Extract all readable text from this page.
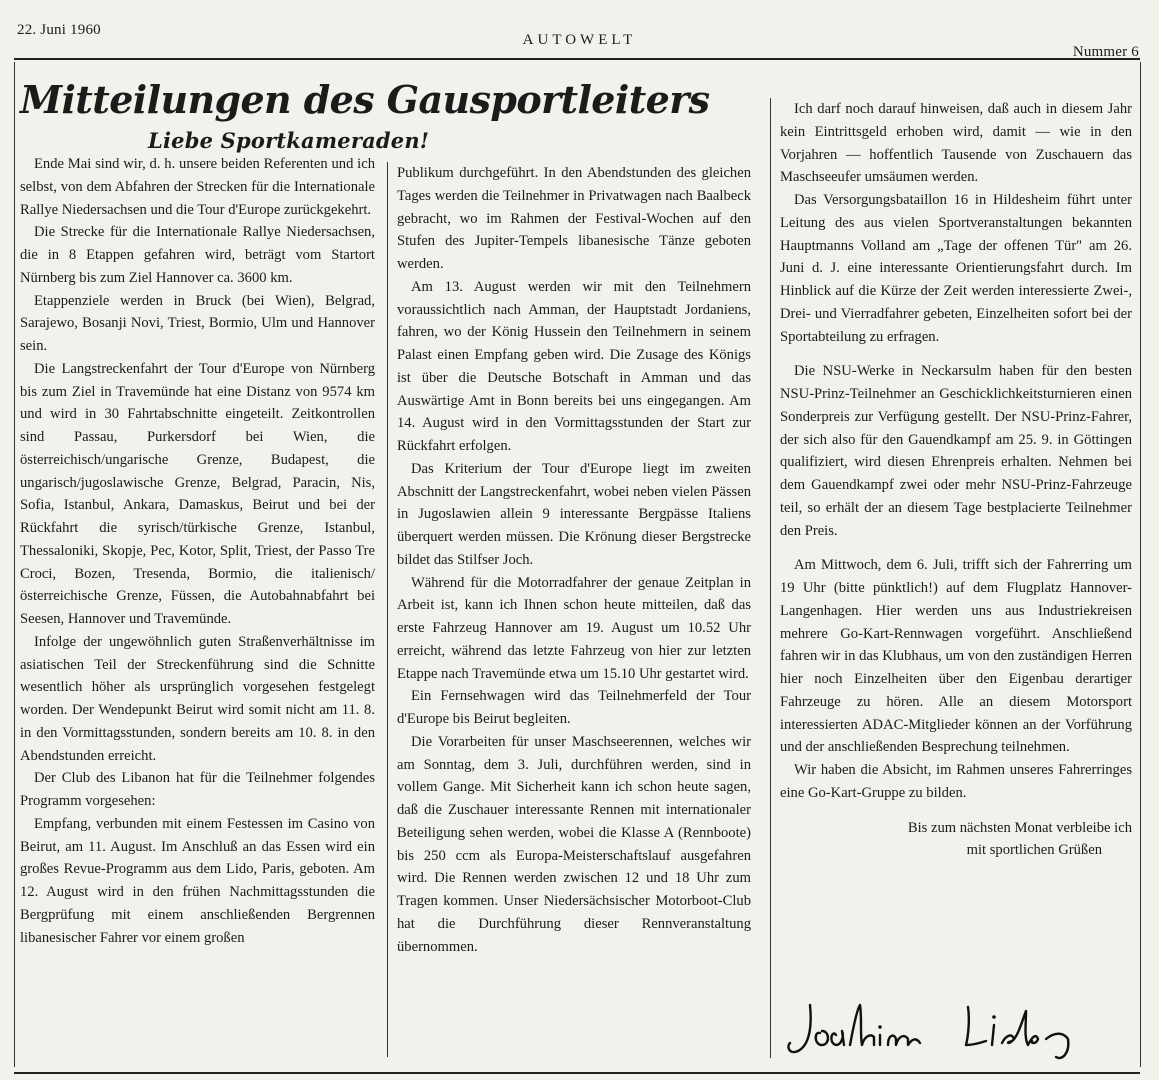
22. Juni 1960
AUTOWELT
Nummer 6
Mitteilungen des Gausportleiters
Liebe Sportkameraden!

Ende Mai sind wir, d. h. unsere beiden Referenten und ich selbst, von dem Abfahren der Strecken für die Internationale Rallye Niedersachsen und die Tour d'Europe zurückgekehrt.

Die Strecke für die Internationale Rallye Niedersachsen, die in 8 Etappen gefahren wird, beträgt vom Startort Nürnberg bis zum Ziel Hannover ca. 3600 km.

Etappenziele werden in Bruck (bei Wien), Belgrad, Sarajewo, Bosanji Novi, Triest, Bormio, Ulm und Hannover sein.

Die Langstreckenfahrt der Tour d'Europe von Nürnberg bis zum Ziel in Travemünde hat eine Distanz von 9574 km und wird in 30 Fahrtabschnitte eingeteilt. Zeitkontrollen sind Passau, Purkersdorf bei Wien, die österreichisch/ungarische Grenze, Budapest, die ungarisch/jugoslawische Grenze, Belgrad, Paracin, Nis, Sofia, Istanbul, Ankara, Damaskus, Beirut und bei der Rückfahrt die syrisch/türkische Grenze, Istanbul, Thessaloniki, Skopje, Pec, Kotor, Split, Triest, der Passo Tre Croci, Bozen, Tresenda, Bormio, die italienisch/österreichische Grenze, Füssen, die Autobahnabfahrt bei Seesen, Hannover und Travemünde.

Infolge der ungewöhnlich guten Straßenverhältnisse im asiatischen Teil der Streckenführung sind die Schnitte wesentlich höher als ursprünglich vorgesehen festgelegt worden. Der Wendepunkt Beirut wird somit nicht am 11. 8. in den Vormittagsstunden, sondern bereits am 10. 8. in den Abendstunden erreicht.

Der Club des Libanon hat für die Teilnehmer folgendes Programm vorgesehen:

Empfang, verbunden mit einem Festessen im Casino von Beirut, am 11. August. Im Anschluß an das Essen wird ein großes Revue-Programm aus dem Lido, Paris, geboten. Am 12. August wird in den frühen Nachmittagsstunden die Bergprüfung mit einem anschließenden Bergrennen libanesischer Fahrer vor einem großen

Publikum durchgeführt. In den Abendstunden des gleichen Tages werden die Teilnehmer in Privatwagen nach Baalbeck gebracht, wo im Rahmen der Festival-Wochen auf den Stufen des Jupiter-Tempels libanesische Tänze geboten werden.

Am 13. August werden wir mit den Teilnehmern voraussichtlich nach Amman, der Hauptstadt Jordaniens, fahren, wo der König Hussein den Teilnehmern in seinem Palast einen Empfang geben wird. Die Zusage des Königs ist über die Deutsche Botschaft in Amman und das Auswärtige Amt in Bonn bereits bei uns eingegangen. Am 14. August wird in den Vormittagsstunden der Start zur Rückfahrt erfolgen.

Das Kriterium der Tour d'Europe liegt im zweiten Abschnitt der Langstreckenfahrt, wobei neben vielen Pässen in Jugoslawien allein 9 interessante Bergpässe Italiens überquert werden müssen. Die Krönung dieser Bergstrecke bildet das Stilfser Joch.

Während für die Motorradfahrer der genaue Zeitplan in Arbeit ist, kann ich Ihnen schon heute mitteilen, daß das erste Fahrzeug Hannover am 19. August um 10.52 Uhr erreicht, während das letzte Fahrzeug von hier zur letzten Etappe nach Travemünde etwa um 15.10 Uhr gestartet wird.

Ein Fernsehwagen wird das Teilnehmerfeld der Tour d'Europe bis Beirut begleiten.

Die Vorarbeiten für unser Maschseerennen, welches wir am Sonntag, dem 3. Juli, durchführen werden, sind in vollem Gange. Mit Sicherheit kann ich schon heute sagen, daß die Zuschauer interessante Rennen mit internationaler Beteiligung sehen werden, wobei die Klasse A (Rennboote) bis 250 ccm als Europa-Meisterschaftslauf ausgefahren wird. Die Rennen werden zwischen 12 und 18 Uhr zum Tragen kommen. Unser Niedersächsischer Motorboot-Club hat die Durchführung dieser Rennveranstaltung übernommen.

Ich darf noch darauf hinweisen, daß auch in diesem Jahr kein Eintrittsgeld erhoben wird, damit — wie in den Vorjahren — hoffentlich Tausende von Zuschauern das Maschseeufer umsäumen werden.

Das Versorgungsbataillon 16 in Hildesheim führt unter Leitung des aus vielen Sportveranstaltungen bekannten Hauptmanns Volland am „Tage der offenen Tür" am 26. Juni d. J. eine interessante Orientierungsfahrt durch. Im Hinblick auf die Kürze der Zeit werden interessierte Zwei-, Drei- und Vierradfahrer gebeten, Einzelheiten sofort bei der Sportabteilung zu erfragen.

Die NSU-Werke in Neckarsulm haben für den besten NSU-Prinz-Teilnehmer an Geschicklichkeitsturnieren einen Sonderpreis zur Verfügung gestellt. Der NSU-Prinz-Fahrer, der sich also für den Gauendkampf am 25. 9. in Göttingen qualifiziert, wird diesen Ehrenpreis erhalten. Nehmen bei dem Gauendkampf zwei oder mehr NSU-Prinz-Fahrzeuge teil, so erhält der an diesem Tage bestplacierte Teilnehmer den Preis.

Am Mittwoch, dem 6. Juli, trifft sich der Fahrerring um 19 Uhr (bitte pünktlich!) auf dem Flugplatz Hannover-Langenhagen. Hier werden uns aus Industriekreisen mehrere Go-Kart-Rennwagen vorgeführt. Anschließend fahren wir in das Klubhaus, um von den zuständigen Herren hier noch Einzelheiten über den Eigenbau derartiger Fahrzeuge zu hören. Alle an diesem Motorsport interessierten ADAC-Mitglieder können an der Vorführung und der anschließenden Besprechung teilnehmen.

Wir haben die Absicht, im Rahmen unseres Fahrerringes eine Go-Kart-Gruppe zu bilden.

Bis zum nächsten Monat verbleibe ich
mit sportlichen Grüßen
